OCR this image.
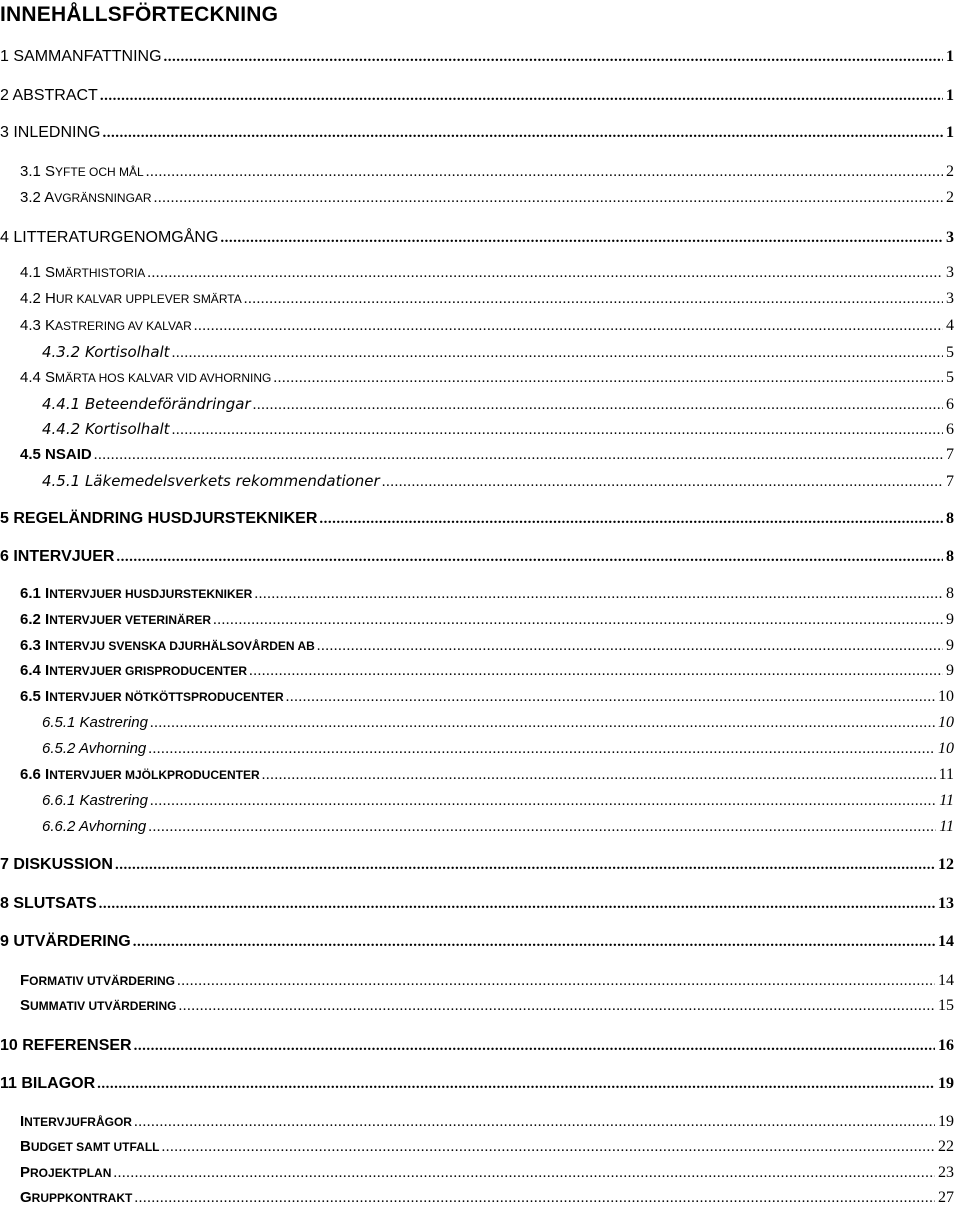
INNEHÅLLSFÖRTECKNING
1 SAMMANFATTNING .....	1
2 ABSTRACT .....	1
3 INLEDNING .....	1
3.1 SYFTE OCH MÅL .....	2
3.2 AVGRÄNSNINGAR .....	2
4 LITTERATURGENOMGÅNG .....	3
4.1 SMÄRTHISTORIA .....	3
4.2 HUR KALVAR UPPLEVER SMÄRTA .....	3
4.3 KASTRERING AV KALVAR .....	4
4.3.2 Kortisolhalt .....	5
4.4 SMÄRTA HOS KALVAR VID AVHORNING .....	5
4.4.1 Beteendeförändringar .....	6
4.4.2 Kortisolhalt .....	6
4.5 NSAID .....	7
4.5.1 Läkemedelsverkets rekommendationer .....	7
5 REGELÄNDRING HUSDJURSTEKNIKER .....	8
6 INTERVJUER .....	8
6.1 INTERVJUER HUSDJURSTEKNIKER .....	8
6.2 INTERVJUER VETERINÄRER .....	9
6.3 INTERVJU SVENSKA DJURHÄLSOVÅRDEN AB .....	9
6.4 INTERVJUER GRISPRODUCENTER .....	9
6.5 INTERVJUER NÖTKÖTTSPRODUCENTER .....	10
6.5.1 Kastrering .....	10
6.5.2 Avhorning .....	10
6.6 INTERVJUER MJÖLKPRODUCENTER .....	11
6.6.1 Kastrering .....	11
6.6.2 Avhorning .....	11
7 DISKUSSION .....	12
8 SLUTSATS .....	13
9 UTVÄRDERING .....	14
FORMATIV UTVÄRDERING .....	14
SUMMATIV UTVÄRDERING .....	15
10 REFERENSER .....	16
11 BILAGOR .....	19
INTERVJUFRÅGOR .....	19
BUDGET SAMT UTFALL .....	22
PROJEKTPLAN .....	23
GRUPPKONTRAKT .....	27
